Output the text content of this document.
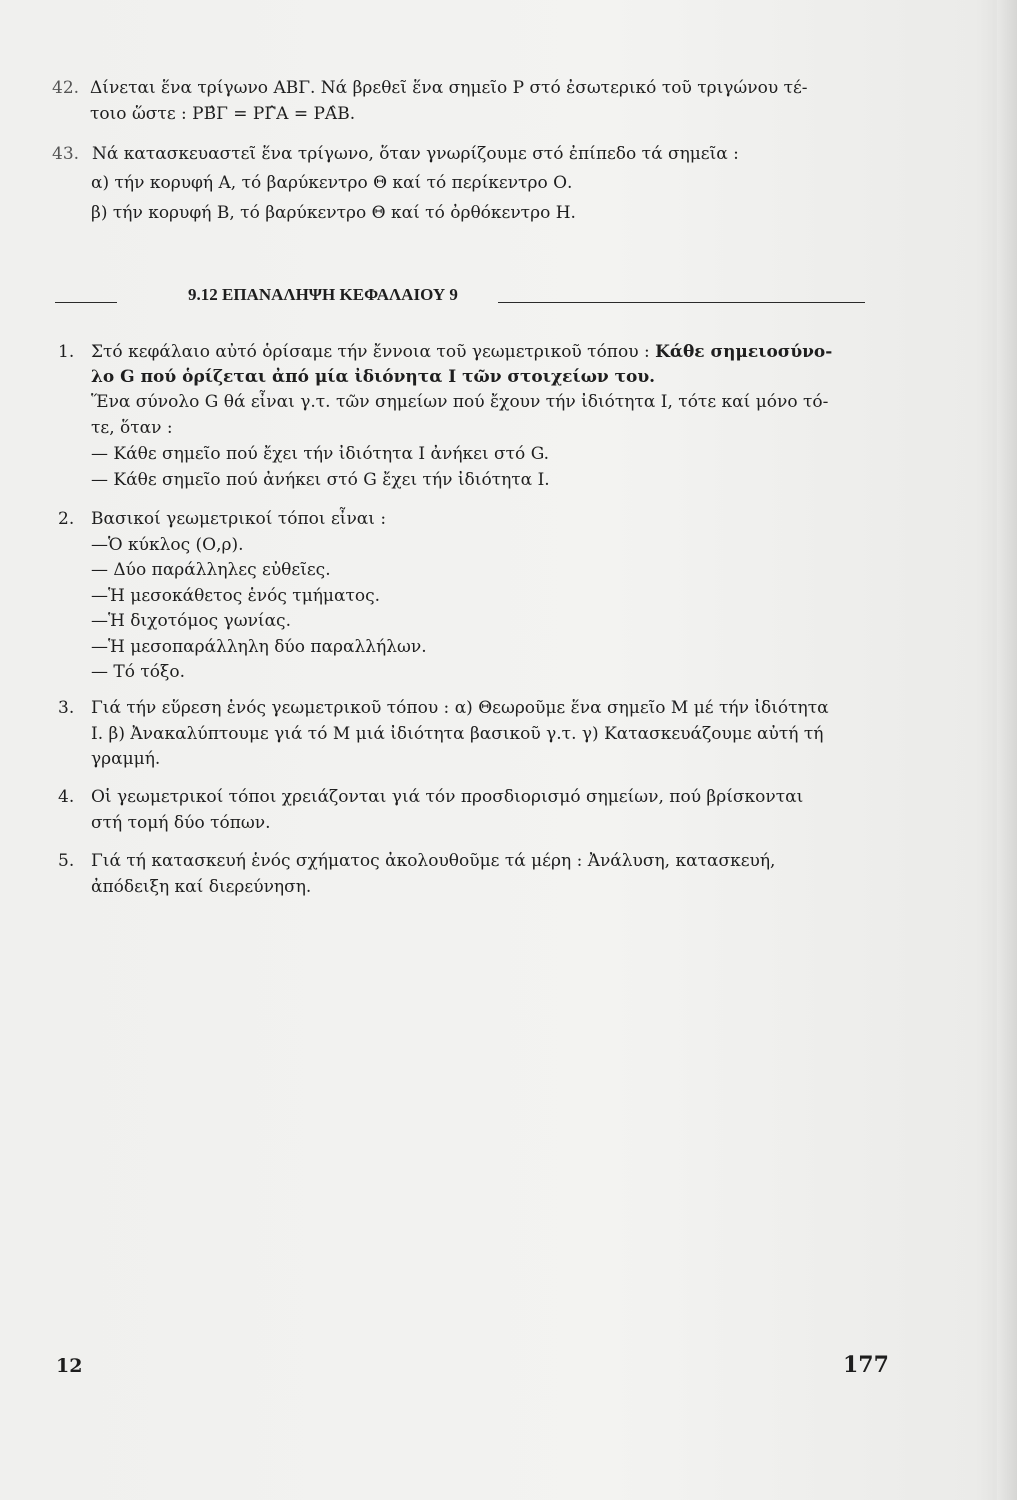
42. Δίνεται ἕνα τρίγωνο ΑΒΓ. Νά βρεθεῖ ἕνα σημεῖο Ρ στό ἐσωτερικό τοῦ τριγώνου τέ-
τοιο ὥστε : ΡΒ̂Γ = ΡΓ̂Α = ΡΑ̂Β.
43. Νά κατασκευαστεῖ ἕνα τρίγωνο, ὅταν γνωρίζουμε στό ἐπίπεδο τά σημεῖα :
α) τήν κορυφή Α, τό βαρύκεντρο Θ καί τό περίκεντρο Ο.
β) τήν κορυφή Β, τό βαρύκεντρο Θ καί τό ὀρθόκεντρο Η.
9.12 ΕΠΑΝΑΛΗΨΗ ΚΕΦΑΛΑΙΟΥ 9
1. Στό κεφάλαιο αὐτό ὁρίσαμε τήν ἔννοια τοῦ γεωμετρικοῦ τόπου : Κάθε σημειοσύνο-
λο G πού ὁρίζεται ἀπό μία ἰδιόνητα Ι τῶν στοιχείων του.
Ἕνα σύνολο G θά εἶναι γ.τ. τῶν σημείων πού ἔχουν τήν ἰδιότητα Ι, τότε καί μόνο τό-
τε, ὅταν :
— Κάθε σημεῖο πού ἔχει τήν ἰδιότητα Ι ἀνήκει στό G.
— Κάθε σημεῖο πού ἀνήκει στό G ἔχει τήν ἰδιότητα Ι.
2. Βασικοί γεωμετρικοί τόποι εἶναι :
—Ὁ κύκλος (Ο,ρ).
— Δύο παράλληλες εὐθεῖες.
—Ἡ μεσοκάθετος ἑνός τμήματος.
—Ἡ διχοτόμος γωνίας.
—Ἡ μεσοπαράλληλη δύο παραλλήλων.
— Τό τόξο.
3. Γιά τήν εὕρεση ἑνός γεωμετρικοῦ τόπου : α) Θεωροῦμε ἕνα σημεῖο Μ μέ τήν ἰδιότητα
Ι. β) Ἀνακαλύπτουμε γιά τό Μ μιά ἰδιότητα βασικοῦ γ.τ. γ) Κατασκευάζουμε αὐτή τή
γραμμή.
4. Οἱ γεωμετρικοί τόποι χρειάζονται γιά τόν προσδιορισμό σημείων, πού βρίσκονται
στή τομή δύο τόπων.
5. Γιά τή κατασκευή ἑνός σχήματος ἀκολουθοῦμε τά μέρη : Ἀνάλυση, κατασκευή,
ἀπόδειξη καί διερεύνηση.
12	177
